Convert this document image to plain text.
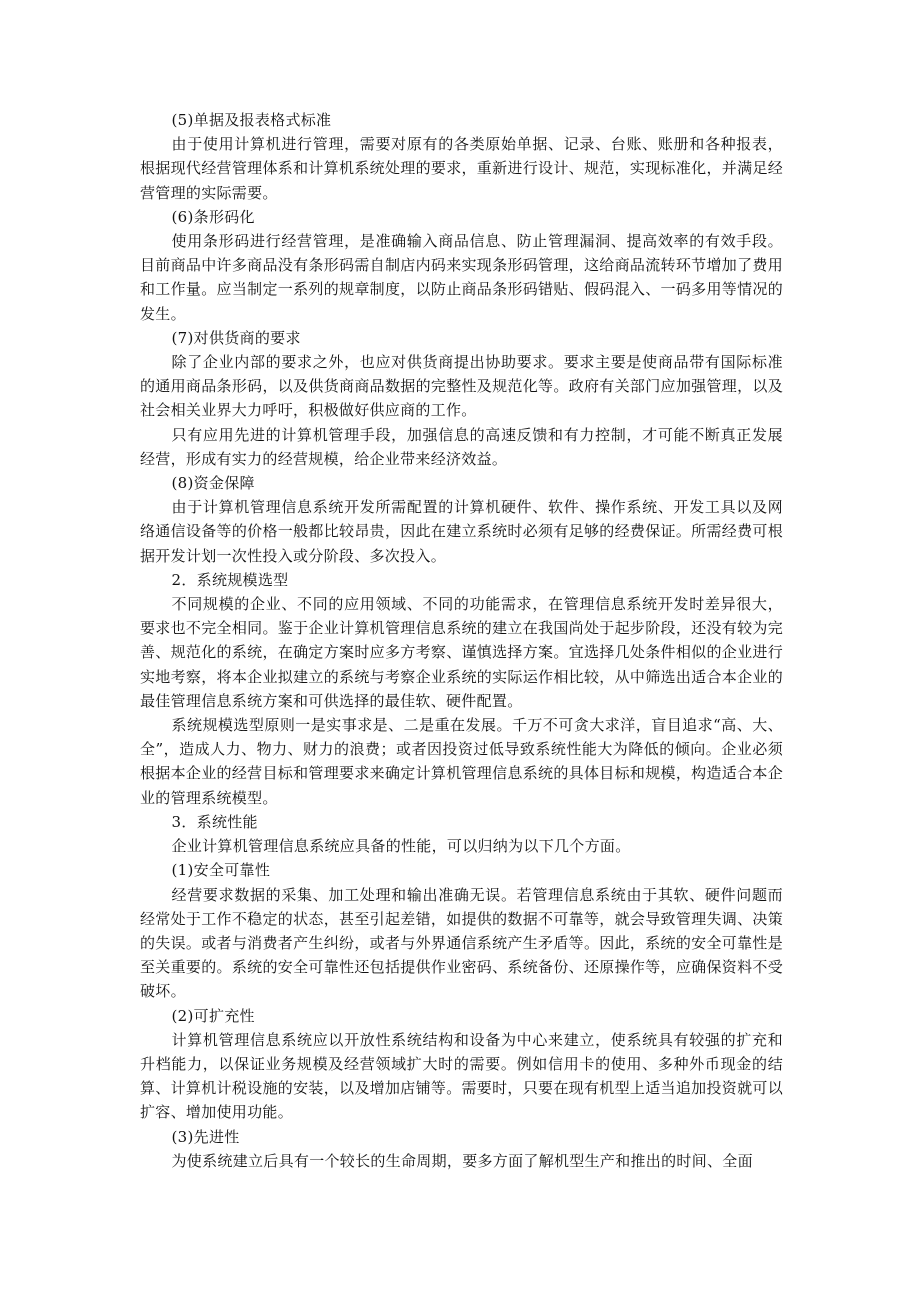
(5)单据及报表格式标准

由于使用计算机进行管理，需要对原有的各类原始单据、记录、台账、账册和各种报表，根据现代经营管理体系和计算机系统处理的要求，重新进行设计、规范，实现标准化，并满足经营管理的实际需要。

(6)条形码化

使用条形码进行经营管理，是准确输入商品信息、防止管理漏洞、提高效率的有效手段。目前商品中许多商品没有条形码需自制店内码来实现条形码管理，这给商品流转环节增加了费用和工作量。应当制定一系列的规章制度，以防止商品条形码错贴、假码混入、一码多用等情况的发生。

(7)对供货商的要求

除了企业内部的要求之外，也应对供货商提出协助要求。要求主要是使商品带有国际标准的通用商品条形码，以及供货商商品数据的完整性及规范化等。政府有关部门应加强管理，以及社会相关业界大力呼吁，积极做好供应商的工作。

只有应用先进的计算机管理手段，加强信息的高速反馈和有力控制，才可能不断真正发展经营，形成有实力的经营规模，给企业带来经济效益。

(8)资金保障

由于计算机管理信息系统开发所需配置的计算机硬件、软件、操作系统、开发工具以及网络通信设备等的价格一般都比较昂贵，因此在建立系统时必须有足够的经费保证。所需经费可根据开发计划一次性投入或分阶段、多次投入。

2．系统规模选型

不同规模的企业、不同的应用领域、不同的功能需求，在管理信息系统开发时差异很大，要求也不完全相同。鉴于企业计算机管理信息系统的建立在我国尚处于起步阶段，还没有较为完善、规范化的系统，在确定方案时应多方考察、谨慎选择方案。宜选择几处条件相似的企业进行实地考察，将本企业拟建立的系统与考察企业系统的实际运作相比较，从中筛选出适合本企业的最佳管理信息系统方案和可供选择的最佳软、硬件配置。

系统规模选型原则一是实事求是、二是重在发展。千万不可贪大求洋，盲目追求“高、大、全”，造成人力、物力、财力的浪费；或者因投资过低导致系统性能大为降低的倾向。企业必须根据本企业的经营目标和管理要求来确定计算机管理信息系统的具体目标和规模，构造适合本企业的管理系统模型。

3．系统性能

企业计算机管理信息系统应具备的性能，可以归纳为以下几个方面。

(1)安全可靠性

经营要求数据的采集、加工处理和输出准确无误。若管理信息系统由于其软、硬件问题而经常处于工作不稳定的状态，甚至引起差错，如提供的数据不可靠等，就会导致管理失调、决策的失误。或者与消费者产生纠纷，或者与外界通信系统产生矛盾等。因此，系统的安全可靠性是至关重要的。系统的安全可靠性还包括提供作业密码、系统备份、还原操作等，应确保资料不受破坏。

(2)可扩充性

计算机管理信息系统应以开放性系统结构和设备为中心来建立，使系统具有较强的扩充和升档能力，以保证业务规模及经营领域扩大时的需要。例如信用卡的使用、多种外币现金的结算、计算机计税设施的安装，以及增加店铺等。需要时，只要在现有机型上适当追加投资就可以扩容、增加使用功能。

(3)先进性

为使系统建立后具有一个较长的生命周期，要多方面了解机型生产和推出的时间、全面
